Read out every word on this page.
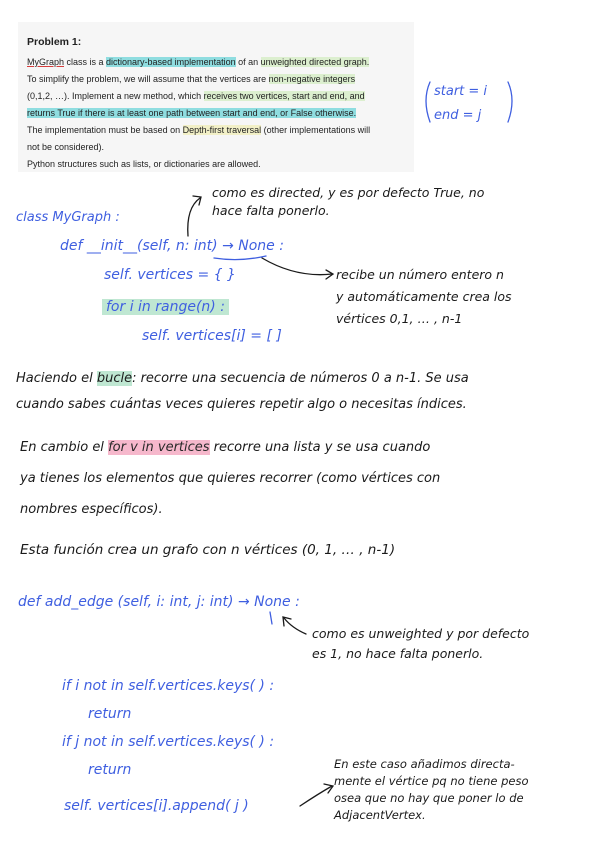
Problem 1:
MyGraph class is a dictionary-based implementation of an unweighted directed graph.
To simplify the problem, we will assume that the vertices are non-negative integers
(0,1,2, …). Implement a new method, which receives two vertices, start and end, and
returns True if there is at least one path between start and end, or False otherwise.
The implementation must be based on Depth-first traversal (other implementations will
not be considered).
Python structures such as lists, or dictionaries are allowed.
start = i
end = j
como es directed, y es por defecto True, no
hace falta ponerlo.
class MyGraph :
def __init__(self, n: int) → None :
self. vertices = { }
for i in range(n) :
self. vertices[i] = [ ]
recibe un número entero n
y automáticamente crea los
vértices 0,1, … , n-1
Haciendo el bucle: recorre una secuencia de números 0 a n-1. Se usa
cuando sabes cuántas veces quieres repetir algo o necesitas índices.
En cambio el for v in vertices recorre una lista y se usa cuando
ya tienes los elementos que quieres recorrer (como vértices con
nombres específicos).
Esta función crea un grafo con n vértices (0, 1, … , n-1)
def add_edge (self, i: int, j: int) → None :
como es unweighted y por defecto
es 1, no hace falta ponerlo.
if i not in self.vertices.keys( ) :
return
if j not in self.vertices.keys( ) :
return
self. vertices[i].append( j )
En este caso añadimos directa-
mente el vértice pq no tiene peso
osea que no hay que poner lo de
AdjacentVertex.
